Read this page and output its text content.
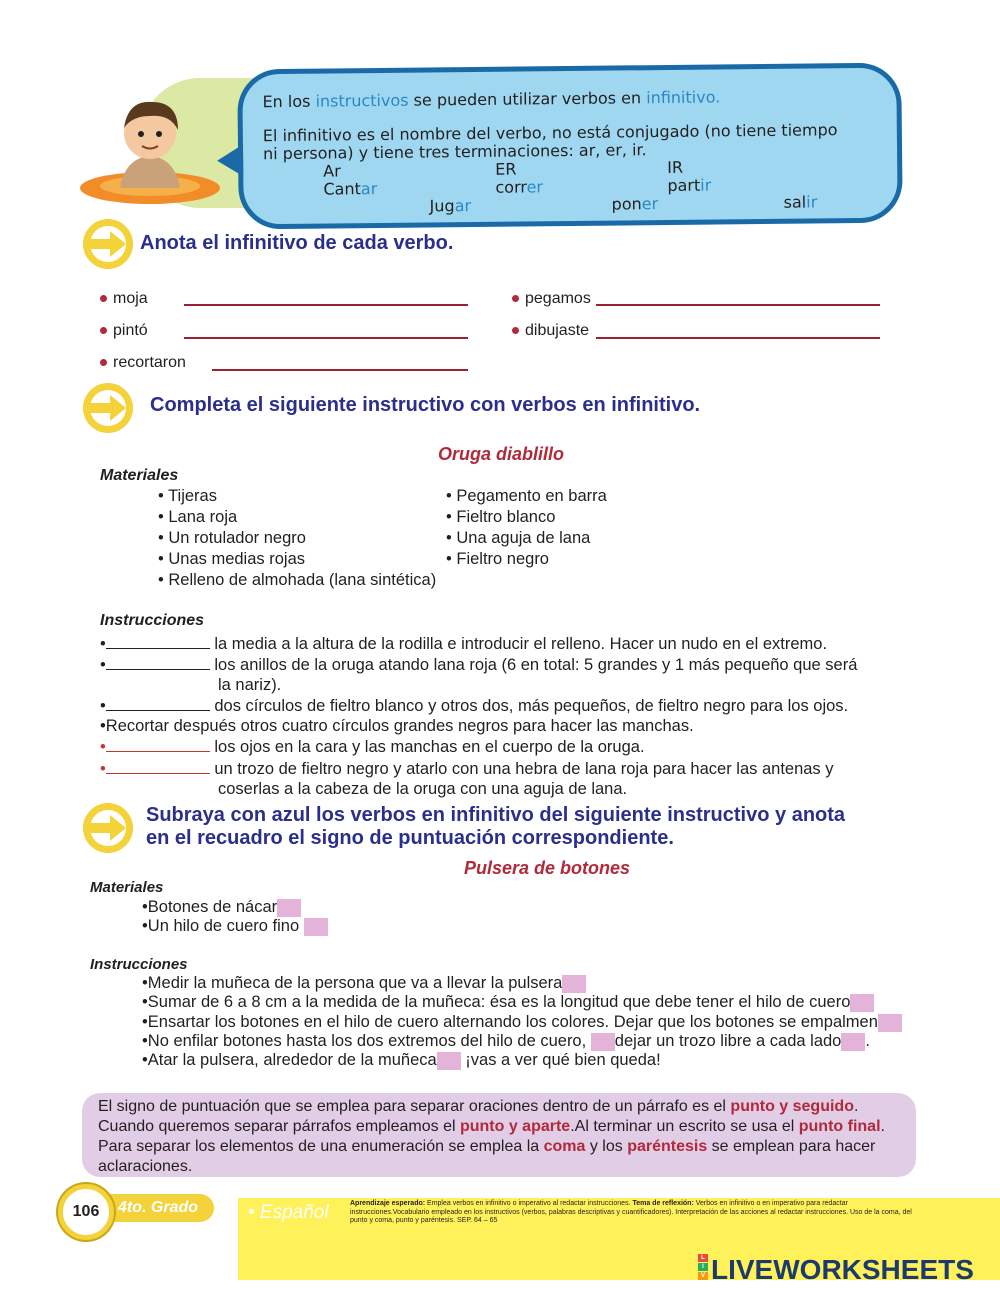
En los instructivos se pueden utilizar verbos en infinitivo.
El infinitivo es el nombre del verbo, no está conjugado (no tiene tiempo
ni persona) y tiene tres terminaciones: ar, er, ir.
Ar	ER	IR
Cantar	correr	partir
Jugar	poner	salir
Anota el infinitivo de cada verbo.
moja
pintó
recortaron
pegamos
dibujaste
Completa el siguiente instructivo con verbos en infinitivo.
Oruga diablillo
Materiales
• Tijeras
• Lana roja
• Un rotulador negro
• Unas medias rojas
• Relleno de almohada (lana sintética)
• Pegamento en barra
• Fieltro blanco
• Una aguja de lana
• Fieltro negro
Instrucciones
•	la media a la altura de la rodilla e introducir el relleno. Hacer un nudo en el extremo.
•	los anillos de la oruga atando lana roja (6 en total: 5 grandes y 1 más pequeño que será
la nariz).
•	dos círculos de fieltro blanco y otros dos, más pequeños, de fieltro negro para los ojos.
•Recortar después otros cuatro círculos grandes negros para hacer las manchas.
•	los ojos en la cara y las manchas en el cuerpo de la oruga.
•	un trozo de fieltro negro y atarlo con una hebra de lana roja para hacer las antenas y
coserlas a la cabeza de la oruga con una aguja de lana.
Subraya con azul los verbos en infinitivo del siguiente instructivo y anota
en el recuadro el signo de puntuación correspondiente.
Pulsera de botones
Materiales
•Botones de nácar
•Un hilo de cuero fino
Instrucciones
•Medir la muñeca de la persona que va a llevar la pulsera
•Sumar de 6 a 8 cm a la medida de la muñeca: ésa es la longitud que debe tener el hilo de cuero
•Ensartar los botones en el hilo de cuero alternando los colores. Dejar que los botones se empalmen
•No enfilar botones hasta los dos extremos del hilo de cuero, dejar un trozo libre a cada lado .
•Atar la pulsera, alrededor de la muñeca ¡vas a ver qué bien queda!
El signo de puntuación que se emplea para separar oraciones dentro de un párrafo es el punto y seguido. Cuando queremos separar párrafos empleamos el punto y aparte.Al terminar un escrito se usa el punto final. Para separar los elementos de una enumeración se emplea la coma y los paréntesis se emplean para hacer aclaraciones.
4to. Grado
106	• Español	Aprendizaje esperado: Emplea verbos en infinitivo o imperativo al redactar instrucciones. Tema de reflexión: Verbos en infinitivo o en imperativo para redactar instrucciones.Vocabulario empleado en los instructivos (verbos, palabras descriptivas y cuantificadores). Interpretación de las acciones al redactar instrucciones. Uso de la coma, del punto y coma, punto y paréntesis. SEP. 64 – 65
L
I
V LIVEWORKSHEETS
